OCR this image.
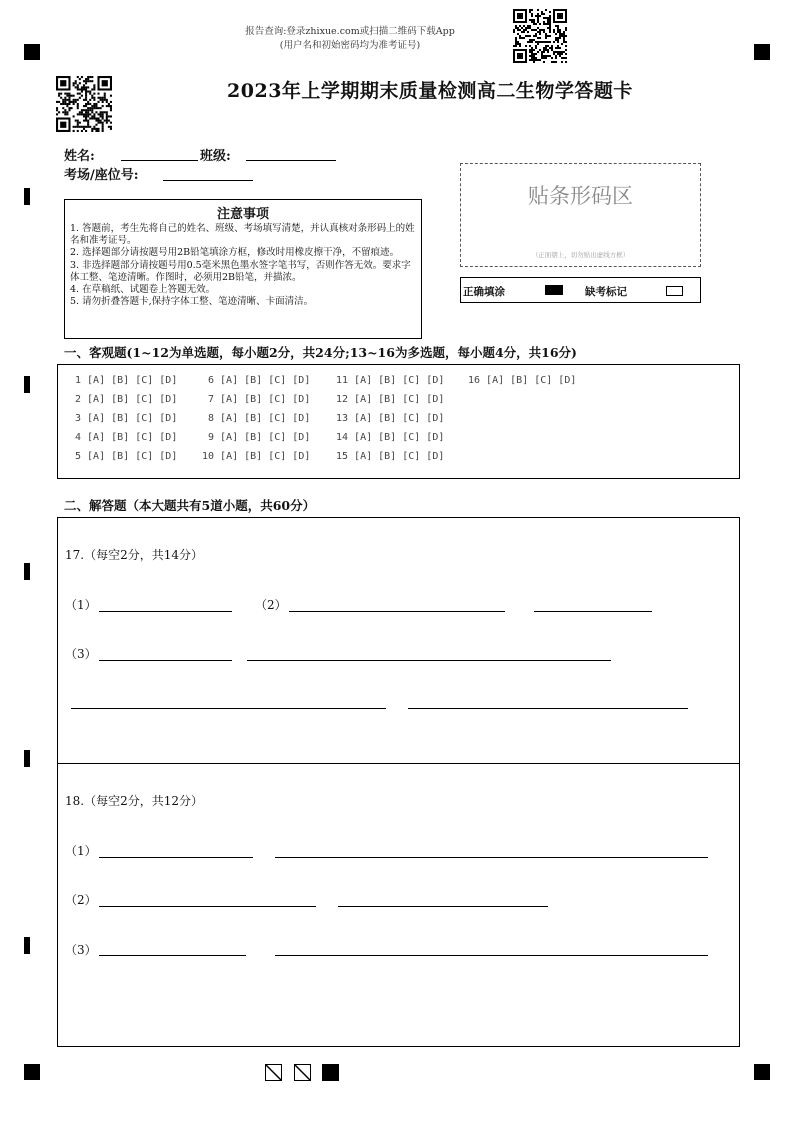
报告查询:登录zhixue.com或扫描二维码下载App
(用户名和初始密码均为准考证号)
2023年上学期期末质量检测高二生物学答题卡
姓名:	班级:
考场/座位号:
注意事项
1. 答题前，考生先将自己的姓名、班级、考场填写清楚，并认真核对条形码上的姓名和准考证号。
2. 选择题部分请按题号用2B铅笔填涂方框，修改时用橡皮擦干净，不留痕迹。
3. 非选择题部分请按题号用0.5毫米黑色墨水签字笔书写，否则作答无效。要求字体工整、笔迹清晰。作图时，必须用2B铅笔，并描浓。
4. 在草稿纸、试题卷上答题无效。
5. 请勿折叠答题卡,保持字体工整、笔迹清晰、卡面清洁。
贴条形码区
（正面朝上，切勿贴出虚线方框）
正确填涂	缺考标记
一、客观题(1~12为单选题，每小题2分，共24分;13~16为多选题，每小题4分，共16分)
1 [A] [B] [C] [D]
2 [A] [B] [C] [D]
3 [A] [B] [C] [D]
4 [A] [B] [C] [D]
5 [A] [B] [C] [D]
6 [A] [B] [C] [D]
7 [A] [B] [C] [D]
8 [A] [B] [C] [D]
9 [A] [B] [C] [D]
10 [A] [B] [C] [D]
11 [A] [B] [C] [D]
12 [A] [B] [C] [D]
13 [A] [B] [C] [D]
14 [A] [B] [C] [D]
15 [A] [B] [C] [D]
16 [A] [B] [C] [D]
二、解答题（本大题共有5道小题，共60分）
17.（每空2分，共14分）
（1）	（2）
（3）
18.（每空2分，共12分）
（1）
（2）
（3）
